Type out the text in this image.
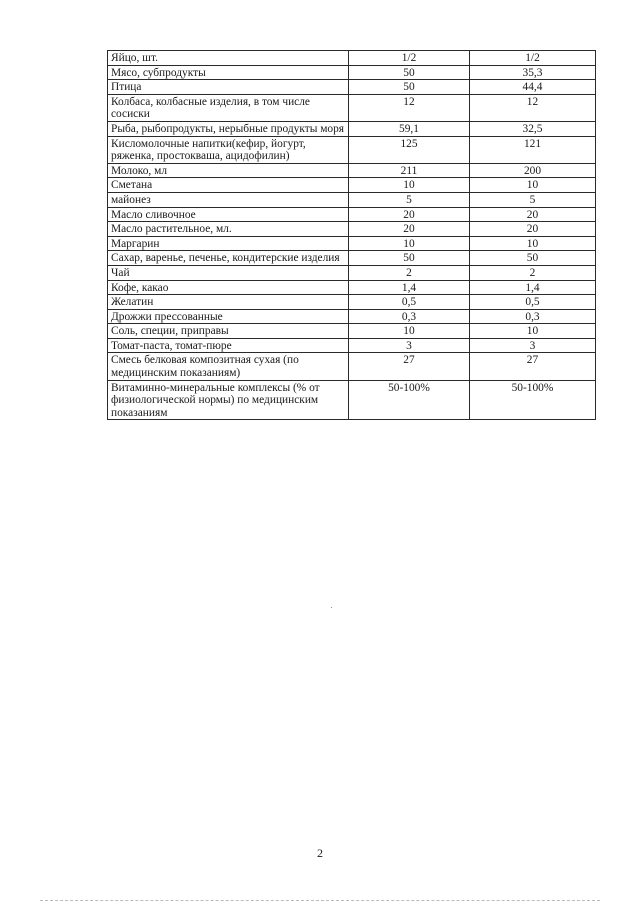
Яйцо, шт.	1/2	1/2
Мясо, субпродукты	50	35,3
Птица	50	44,4
Колбаса, колбасные изделия, в том числе сосиски	12	12
Рыба, рыбопродукты, нерыбные продукты моря	59,1	32,5
Кисломолочные напитки(кефир, йогурт, ряженка, простокваша, ацидофилин)	125	121
Молоко, мл	211	200
Сметана	10	10
майонез	5	5
Масло сливочное	20	20
Масло растительное, мл.	20	20
Маргарин	10	10
Сахар, варенье, печенье, кондитерские изделия	50	50
Чай	2	2
Кофе, какао	1,4	1,4
Желатин	0,5	0,5
Дрожжи прессованные	0,3	0,3
Соль, специи, приправы	10	10
Томат-паста, томат-пюре	3	3
Смесь белковая композитная сухая (по медицинским показаниям)	27	27
Витаминно-минеральные комплексы (% от физиологической нормы) по медицинским показаниям	50-100%	50-100%
2
